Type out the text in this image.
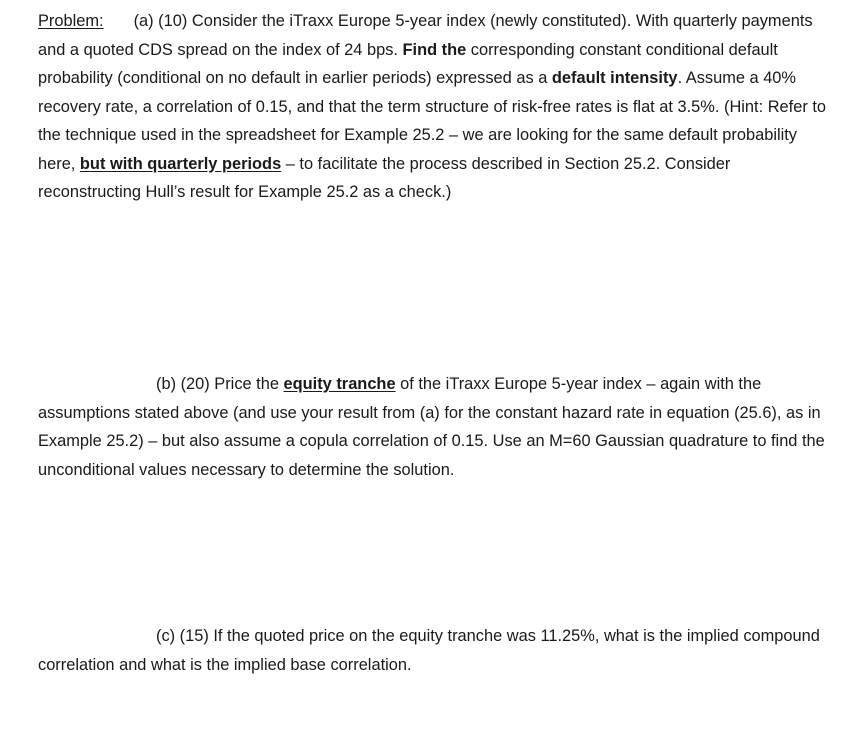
Problem: (a) (10) Consider the iTraxx Europe 5-year index (newly constituted). With quarterly payments and a quoted CDS spread on the index of 24 bps. Find the corresponding constant conditional default probability (conditional on no default in earlier periods) expressed as a default intensity. Assume a 40% recovery rate, a correlation of 0.15, and that the term structure of risk-free rates is flat at 3.5%. (Hint: Refer to the technique used in the spreadsheet for Example 25.2 – we are looking for the same default probability here, but with quarterly periods – to facilitate the process described in Section 25.2. Consider reconstructing Hull’s result for Example 25.2 as a check.)

(b) (20) Price the equity tranche of the iTraxx Europe 5-year index – again with the assumptions stated above (and use your result from (a) for the constant hazard rate in equation (25.6), as in Example 25.2) – but also assume a copula correlation of 0.15. Use an M=60 Gaussian quadrature to find the unconditional values necessary to determine the solution.

(c) (15) If the quoted price on the equity tranche was 11.25%, what is the implied compound correlation and what is the implied base correlation.
